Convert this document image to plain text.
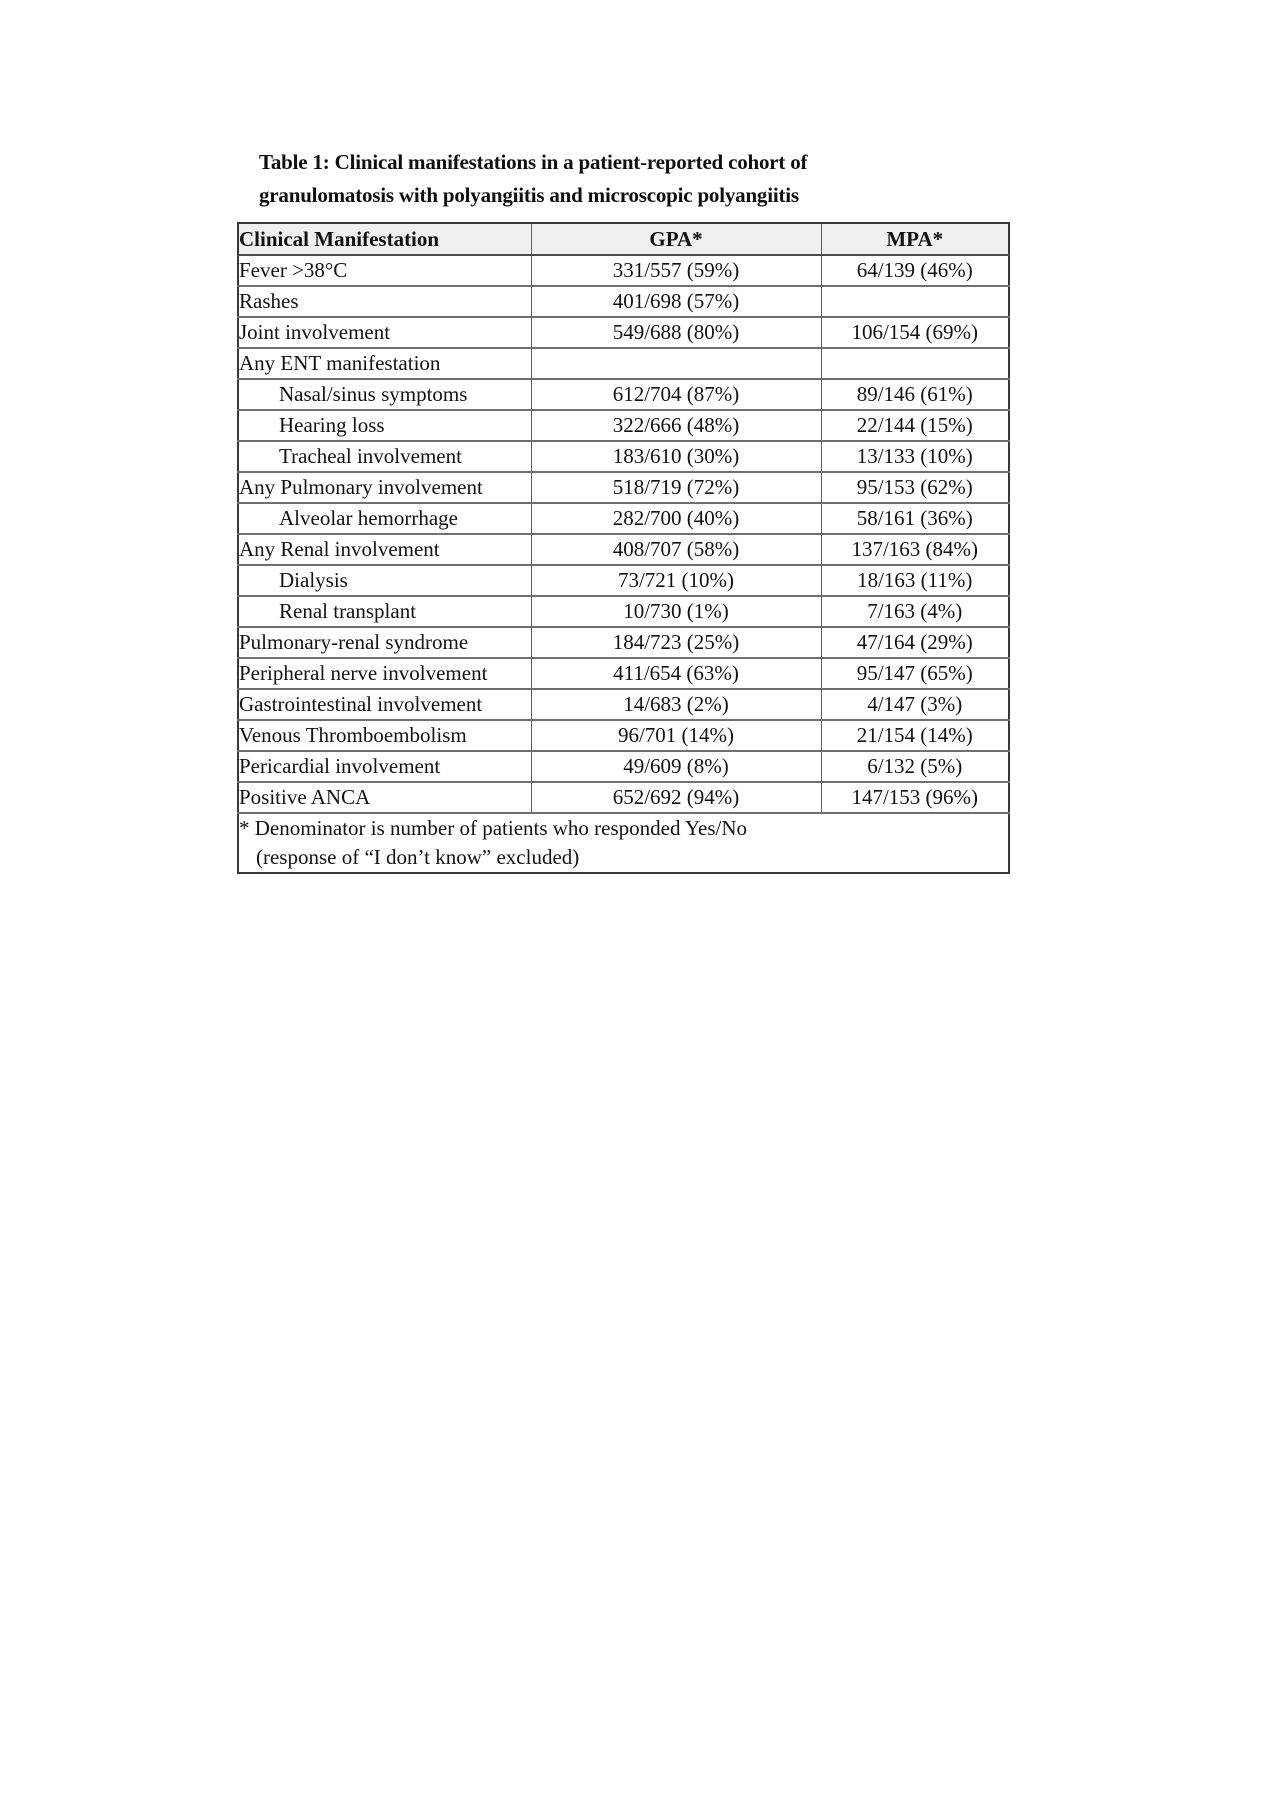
Table 1: Clinical manifestations in a patient-reported cohort of
granulomatosis with polyangiitis and microscopic polyangiitis
Clinical Manifestation	GPA*	MPA*
Fever >38°C	331/557 (59%)	64/139 (46%)
Rashes	401/698 (57%)	
Joint involvement	549/688 (80%)	106/154 (69%)
Any ENT manifestation		
Nasal/sinus symptoms	612/704 (87%)	89/146 (61%)
Hearing loss	322/666 (48%)	22/144 (15%)
Tracheal involvement	183/610 (30%)	13/133 (10%)
Any Pulmonary involvement	518/719 (72%)	95/153 (62%)
Alveolar hemorrhage	282/700 (40%)	58/161 (36%)
Any Renal involvement	408/707 (58%)	137/163 (84%)
Dialysis	73/721 (10%)	18/163 (11%)
Renal transplant	10/730 (1%)	7/163 (4%)
Pulmonary-renal syndrome	184/723 (25%)	47/164 (29%)
Peripheral nerve involvement	411/654 (63%)	95/147 (65%)
Gastrointestinal involvement	14/683 (2%)	4/147 (3%)
Venous Thromboembolism	96/701 (14%)	21/154 (14%)
Pericardial involvement	49/609 (8%)	6/132 (5%)
Positive ANCA	652/692 (94%)	147/153 (96%)

* Denominator is number of patients who responded Yes/No
(response of “I don’t know” excluded)		
